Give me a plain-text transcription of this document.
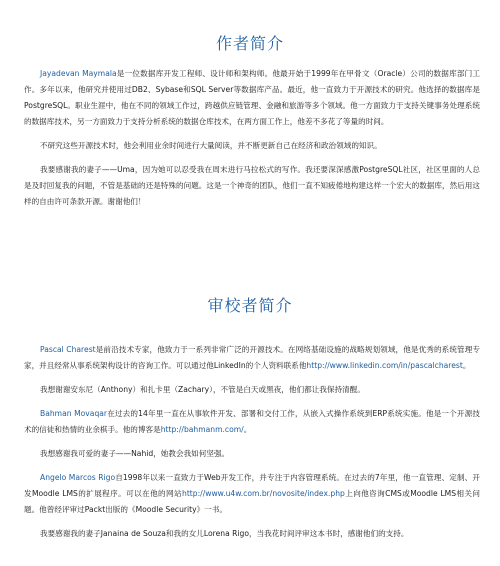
作者简介

Jayadevan Maymala是一位数据库开发工程师、设计师和架构师。他最开始于1999年在甲骨文（Oracle）公司的数据库部门工作。多年以来，他研究并使用过DB2、Sybase和SQL Server等数据库产品。最近，他一直致力于开源技术的研究。他选择的数据库是PostgreSQL。职业生涯中，他在不同的领域工作过，跨越供应链管理、金融和旅游等多个领域。他一方面致力于支持关键事务处理系统的数据库技术，另一方面致力于支持分析系统的数据仓库技术，在两方面工作上，他差不多花了等量的时间。

不研究这些开源技术时，他会利用业余时间进行大量阅读，并不断更新自己在经济和政治领域的知识。

我要感谢我的妻子——Uma，因为她可以忍受我在周末进行马拉松式的写作。我还要深深感激PostgreSQL社区，社区里面的人总是及时回复我的问题，不管是基础的还是特殊的问题。这是一个神奇的团队，他们一直不知疲倦地构建这样一个宏大的数据库，然后用这样的自由许可条款开源。谢谢他们！

审校者简介

Pascal Charest是前沿技术专家，他致力于一系列非常广泛的开源技术。在网络基础设施的战略规划领域，他是优秀的系统管理专家，并且经常从事系统架构设计的咨询工作。可以通过他LinkedIn的个人资料联系他http://www.linkedin.com/in/pascalcharest。

我想谢谢安东尼（Anthony）和扎卡里（Zachary），不管是白天或黑夜，他们都让我保持清醒。

Bahman Movaqar在过去的14年里一直在从事软件开发、部署和交付工作，从嵌入式操作系统到ERP系统实施。他是一个开源技术的信徒和热情的业余棋手。他的博客是http://bahmanm.com/。

我想感谢我可爱的妻子——Nahid，她教会我如何坚强。

Angelo Marcos Rigo自1998年以来一直致力于Web开发工作，并专注于内容管理系统。在过去的7年里，他一直管理、定制、开发Moodle LMS的扩展程序。可以在他的网站http://www.u4w.com.br/novosite/index.php上向他咨询CMS或Moodle LMS相关问题。他曾经评审过Packt出版的《Moodle Security》一书。

我要感谢我的妻子Janaina de Souza和我的女儿Lorena Rigo，当我花时间评审这本书时，感谢他们的支持。
